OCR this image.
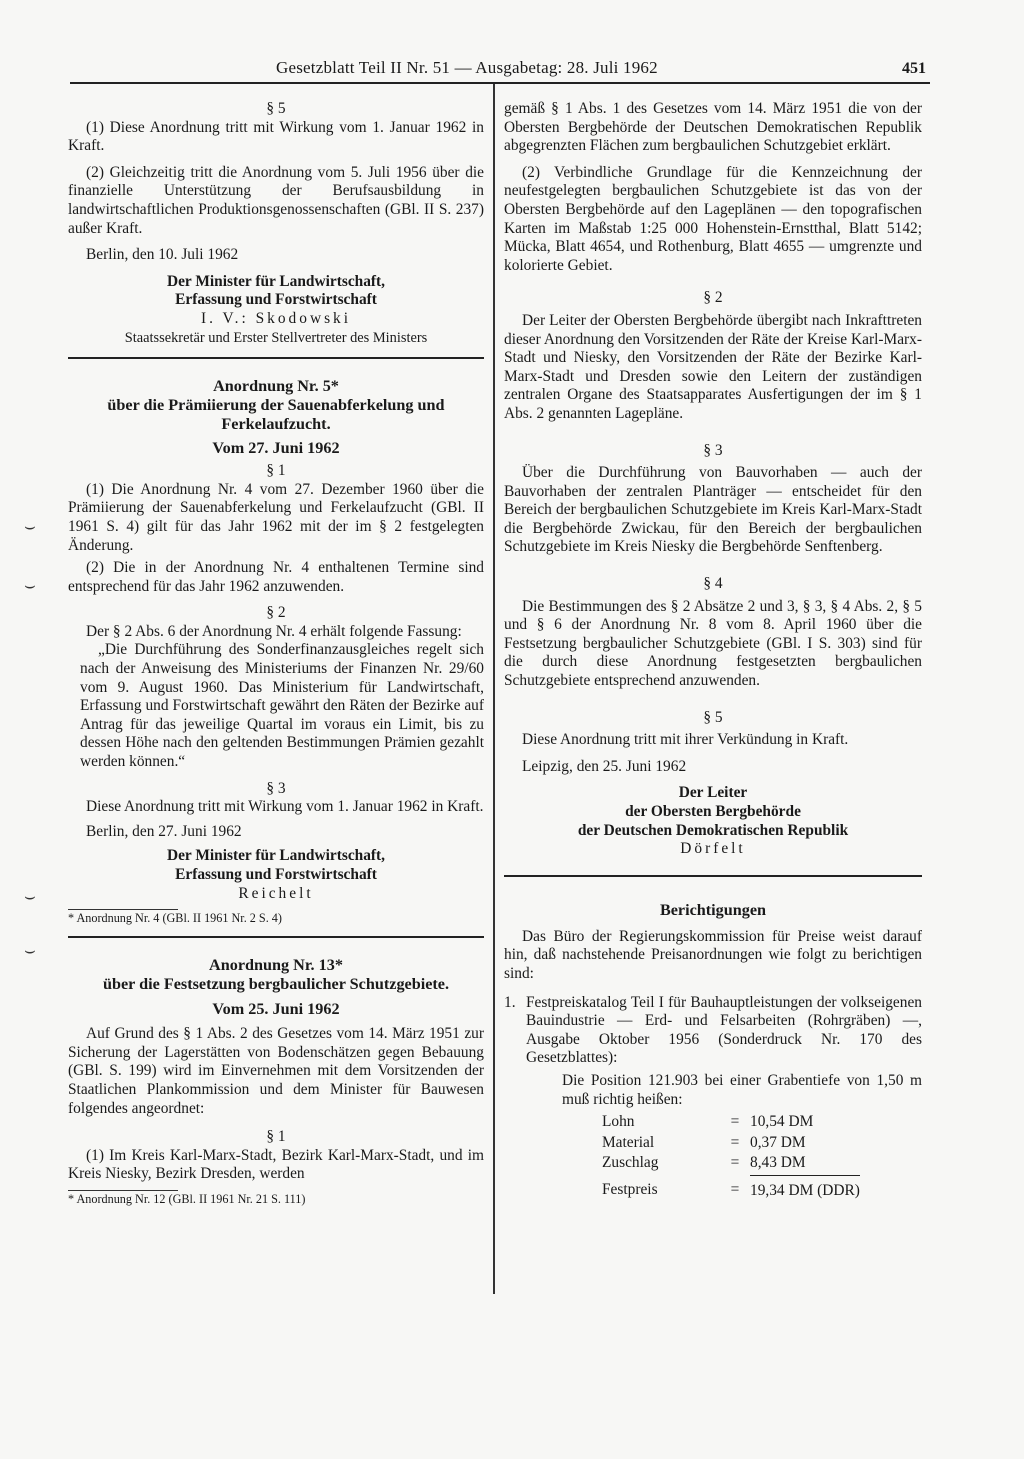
Gesetzblatt Teil II Nr. 51 — Ausgabetag: 28. Juli 1962	451
§ 5

(1) Diese Anordnung tritt mit Wirkung vom 1. Januar 1962 in Kraft.

(2) Gleichzeitig tritt die Anordnung vom 5. Juli 1956 über die finanzielle Unterstützung der Berufsausbildung in landwirtschaftlichen Produktionsgenossenschaften (GBl. II S. 237) außer Kraft.

Berlin, den 10. Juli 1962

Der Minister für Landwirtschaft,
Erfassung und Forstwirtschaft
I. V.: Skodowski
Staatssekretär und Erster Stellvertreter des Ministers
Anordnung Nr. 5*
über die Prämiierung der Sauenabferkelung und Ferkelaufzucht.
Vom 27. Juni 1962
§ 1

(1) Die Anordnung Nr. 4 vom 27. Dezember 1960 über die Prämiierung der Sauenabferkelung und Ferkelaufzucht (GBl. II 1961 S. 4) gilt für das Jahr 1962 mit der im § 2 festgelegten Änderung.

(2) Die in der Anordnung Nr. 4 enthaltenen Termine sind entsprechend für das Jahr 1962 anzuwenden.

§ 2

Der § 2 Abs. 6 der Anordnung Nr. 4 erhält folgende Fassung:

„Die Durchführung des Sonderfinanzausgleiches regelt sich nach der Anweisung des Ministeriums der Finanzen Nr. 29/60 vom 9. August 1960. Das Ministerium für Landwirtschaft, Erfassung und Forstwirtschaft gewährt den Räten der Bezirke auf Antrag für das jeweilige Quartal im voraus ein Limit, bis zu dessen Höhe nach den geltenden Bestimmungen Prämien gezahlt werden können.“

§ 3

Diese Anordnung tritt mit Wirkung vom 1. Januar 1962 in Kraft.

Berlin, den 27. Juni 1962

Der Minister für Landwirtschaft,
Erfassung und Forstwirtschaft
Reichelt
* Anordnung Nr. 4 (GBl. II 1961 Nr. 2 S. 4)
Anordnung Nr. 13*
über die Festsetzung bergbaulicher Schutzgebiete.
Vom 25. Juni 1962

Auf Grund des § 1 Abs. 2 des Gesetzes vom 14. März 1951 zur Sicherung der Lagerstätten von Bodenschätzen gegen Bebauung (GBl. S. 199) wird im Einvernehmen mit dem Vorsitzenden der Staatlichen Plankommission und dem Minister für Bauwesen folgendes angeordnet:

§ 1

(1) Im Kreis Karl-Marx-Stadt, Bezirk Karl-Marx-Stadt, und im Kreis Niesky, Bezirk Dresden, werden

* Anordnung Nr. 12 (GBl. II 1961 Nr. 21 S. 111)

gemäß § 1 Abs. 1 des Gesetzes vom 14. März 1951 die von der Obersten Bergbehörde der Deutschen Demokratischen Republik abgegrenzten Flächen zum bergbaulichen Schutzgebiet erklärt.

(2) Verbindliche Grundlage für die Kennzeichnung der neufestgelegten bergbaulichen Schutzgebiete ist das von der Obersten Bergbehörde auf den Lageplänen — den topografischen Karten im Maßstab 1:25 000 Hohenstein-Ernstthal, Blatt 5142; Mücka, Blatt 4654, und Rothenburg, Blatt 4655 — umgrenzte und kolorierte Gebiet.

§ 2

Der Leiter der Obersten Bergbehörde übergibt nach Inkrafttreten dieser Anordnung den Vorsitzenden der Räte der Kreise Karl-Marx-Stadt und Niesky, den Vorsitzenden der Räte der Bezirke Karl-Marx-Stadt und Dresden sowie den Leitern der zuständigen zentralen Organe des Staatsapparates Ausfertigungen der im § 1 Abs. 2 genannten Lagepläne.

§ 3

Über die Durchführung von Bauvorhaben — auch der Bauvorhaben der zentralen Planträger — entscheidet für den Bereich der bergbaulichen Schutzgebiete im Kreis Karl-Marx-Stadt die Bergbehörde Zwickau, für den Bereich der bergbaulichen Schutzgebiete im Kreis Niesky die Bergbehörde Senftenberg.

§ 4

Die Bestimmungen des § 2 Absätze 2 und 3, § 3, § 4 Abs. 2, § 5 und § 6 der Anordnung Nr. 8 vom 8. April 1960 über die Festsetzung bergbaulicher Schutzgebiete (GBl. I S. 303) sind für die durch diese Anordnung festgesetzten bergbaulichen Schutzgebiete entsprechend anzuwenden.

§ 5

Diese Anordnung tritt mit ihrer Verkündung in Kraft.

Leipzig, den 25. Juni 1962

Der Leiter
der Obersten Bergbehörde
der Deutschen Demokratischen Republik
Dörfelt
Berichtigungen

Das Büro der Regierungskommission für Preise weist darauf hin, daß nachstehende Preisanordnungen wie folgt zu berichtigen sind:

1. Festpreiskatalog Teil I für Bauhauptleistungen der volkseigenen Bauindustrie — Erd- und Felsarbeiten (Rohrgräben) —, Ausgabe Oktober 1956 (Sonderdruck Nr. 170 des Gesetzblattes):

Die Position 121.903 bei einer Grabentiefe von 1,50 m muß richtig heißen:

Lohn	=	10,54 DM
Material	=	0,37 DM
Zuschlag	=	8,43 DM
Festpreis	=	19,34 DM (DDR)
⌣
⌣
⌣
⌣
